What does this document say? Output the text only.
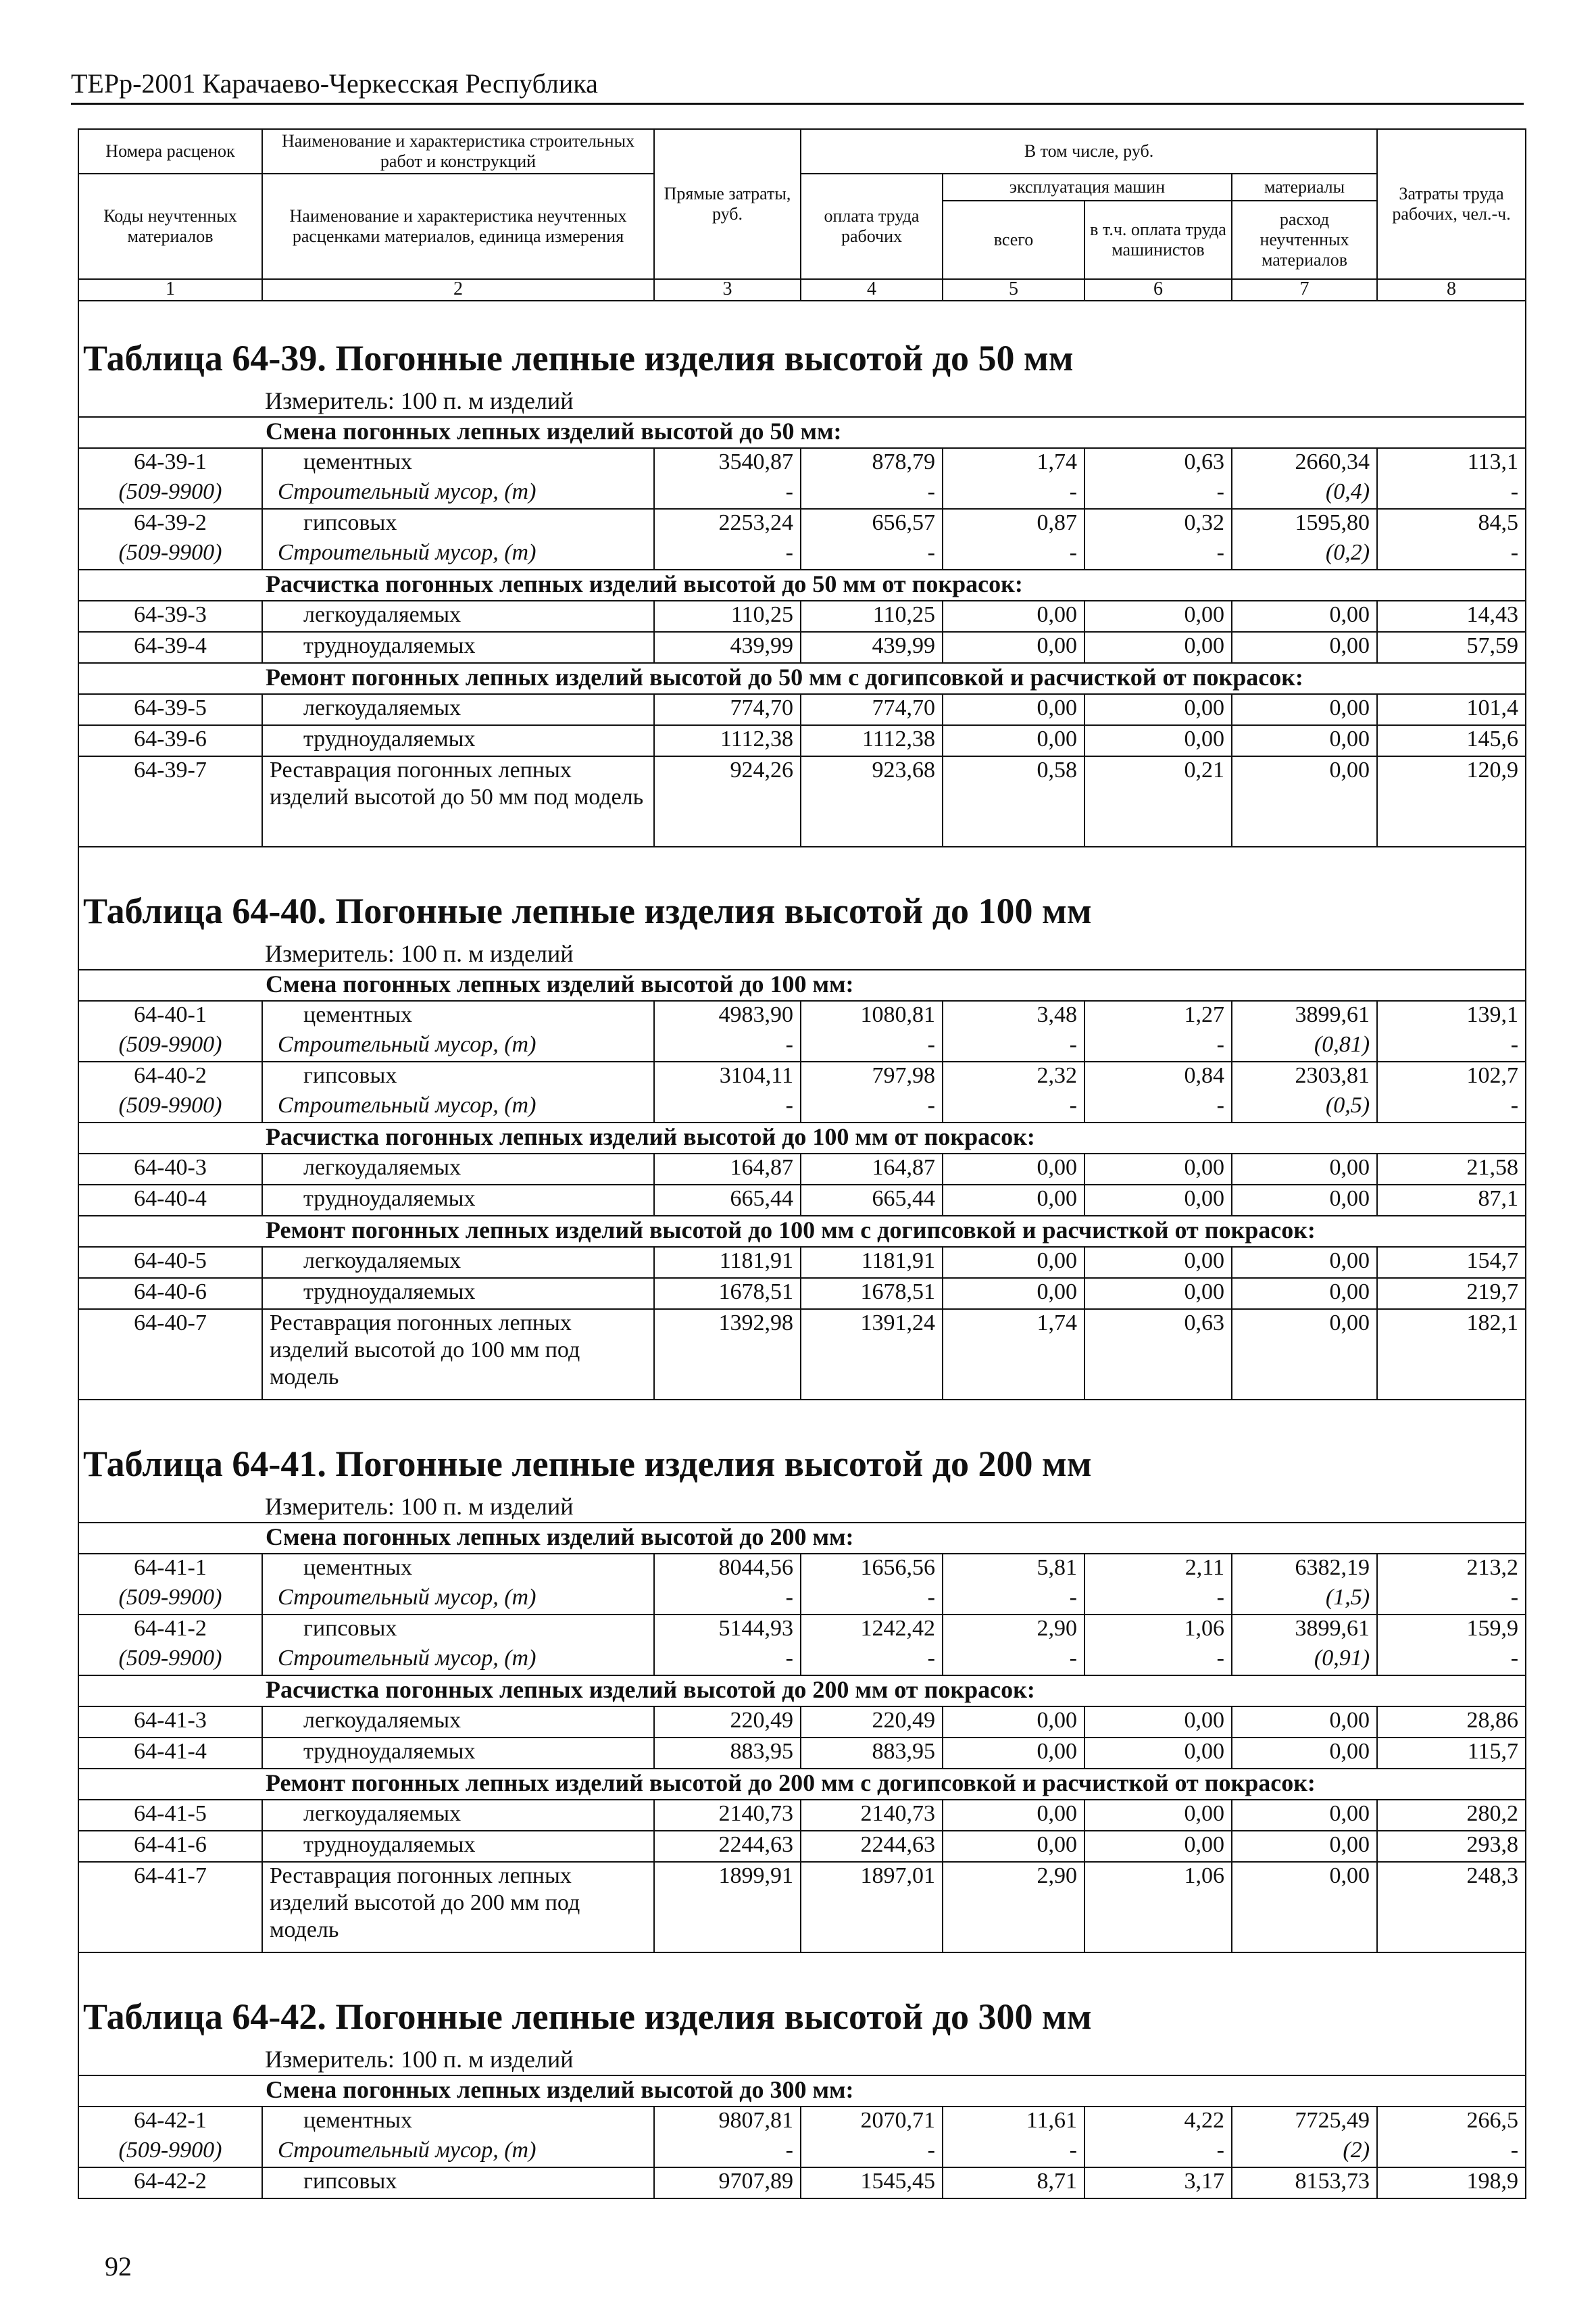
ТЕРр-2001 Карачаево-Черкесская Республика
Номера расценок	Наименование и характеристика строительных работ и конструкций	Прямые затраты, руб.	В том числе, руб.				Затраты труда рабочих, чел.-ч.
Коды неучтенных материалов	Наименование и характеристика неучтенных расценками материалов, единица измерения		оплата труда рабочих	эксплуатация машин		материалы	
				всего	в т.ч. оплата труда машинистов	расход неучтенных материалов	
1	2	3	4	5	6	7	8
Таблица 64-39. Погонные лепные изделия высотой до 50 мм							
Измеритель: 100 п. м изделий							
Смена погонных лепных изделий высотой до 50 мм:							
64-39-1	цементных	3540,87	878,79	1,74	0,63	2660,34	113,1
(509-9900)	Строительный мусор, (т)	-	-	-	-	(0,4)	-
64-39-2	гипсовых	2253,24	656,57	0,87	0,32	1595,80	84,5
(509-9900)	Строительный мусор, (т)	-	-	-	-	(0,2)	-
Расчистка погонных лепных изделий высотой до 50 мм от покрасок:							
64-39-3	легкоудаляемых	110,25	110,25	0,00	0,00	0,00	14,43
64-39-4	трудноудаляемых	439,99	439,99	0,00	0,00	0,00	57,59
Ремонт погонных лепных изделий высотой до 50 мм с догипсовкой и расчисткой от покрасок:							
64-39-5	легкоудаляемых	774,70	774,70	0,00	0,00	0,00	101,4
64-39-6	трудноудаляемых	1112,38	1112,38	0,00	0,00	0,00	145,6
64-39-7	Реставрация погонных лепных изделий высотой до 50 мм под модель	924,26	923,68	0,58	0,21	0,00	120,9
Таблица 64-40. Погонные лепные изделия высотой до 100 мм							
Измеритель: 100 п. м изделий							
Смена погонных лепных изделий высотой до 100 мм:							
64-40-1	цементных	4983,90	1080,81	3,48	1,27	3899,61	139,1
(509-9900)	Строительный мусор, (т)	-	-	-	-	(0,81)	-
64-40-2	гипсовых	3104,11	797,98	2,32	0,84	2303,81	102,7
(509-9900)	Строительный мусор, (т)	-	-	-	-	(0,5)	-
Расчистка погонных лепных изделий высотой до 100 мм от покрасок:							
64-40-3	легкоудаляемых	164,87	164,87	0,00	0,00	0,00	21,58
64-40-4	трудноудаляемых	665,44	665,44	0,00	0,00	0,00	87,1
Ремонт погонных лепных изделий высотой до 100 мм с догипсовкой и расчисткой от покрасок:							
64-40-5	легкоудаляемых	1181,91	1181,91	0,00	0,00	0,00	154,7
64-40-6	трудноудаляемых	1678,51	1678,51	0,00	0,00	0,00	219,7
64-40-7	Реставрация погонных лепных изделий высотой до 100 мм под модель	1392,98	1391,24	1,74	0,63	0,00	182,1
Таблица 64-41. Погонные лепные изделия высотой до 200 мм							
Измеритель: 100 п. м изделий							
Смена погонных лепных изделий высотой до 200 мм:							
64-41-1	цементных	8044,56	1656,56	5,81	2,11	6382,19	213,2
(509-9900)	Строительный мусор, (т)	-	-	-	-	(1,5)	-
64-41-2	гипсовых	5144,93	1242,42	2,90	1,06	3899,61	159,9
(509-9900)	Строительный мусор, (т)	-	-	-	-	(0,91)	-
Расчистка погонных лепных изделий высотой до 200 мм от покрасок:							
64-41-3	легкоудаляемых	220,49	220,49	0,00	0,00	0,00	28,86
64-41-4	трудноудаляемых	883,95	883,95	0,00	0,00	0,00	115,7
Ремонт погонных лепных изделий высотой до 200 мм с догипсовкой и расчисткой от покрасок:							
64-41-5	легкоудаляемых	2140,73	2140,73	0,00	0,00	0,00	280,2
64-41-6	трудноудаляемых	2244,63	2244,63	0,00	0,00	0,00	293,8
64-41-7	Реставрация погонных лепных изделий высотой до 200 мм под модель	1899,91	1897,01	2,90	1,06	0,00	248,3
Таблица 64-42. Погонные лепные изделия высотой до 300 мм							
Измеритель: 100 п. м изделий							
Смена погонных лепных изделий высотой до 300 мм:							
64-42-1	цементных	9807,81	2070,71	11,61	4,22	7725,49	266,5
(509-9900)	Строительный мусор, (т)	-	-	-	-	(2)	-
64-42-2	гипсовых	9707,89	1545,45	8,71	3,17	8153,73	198,9
92
